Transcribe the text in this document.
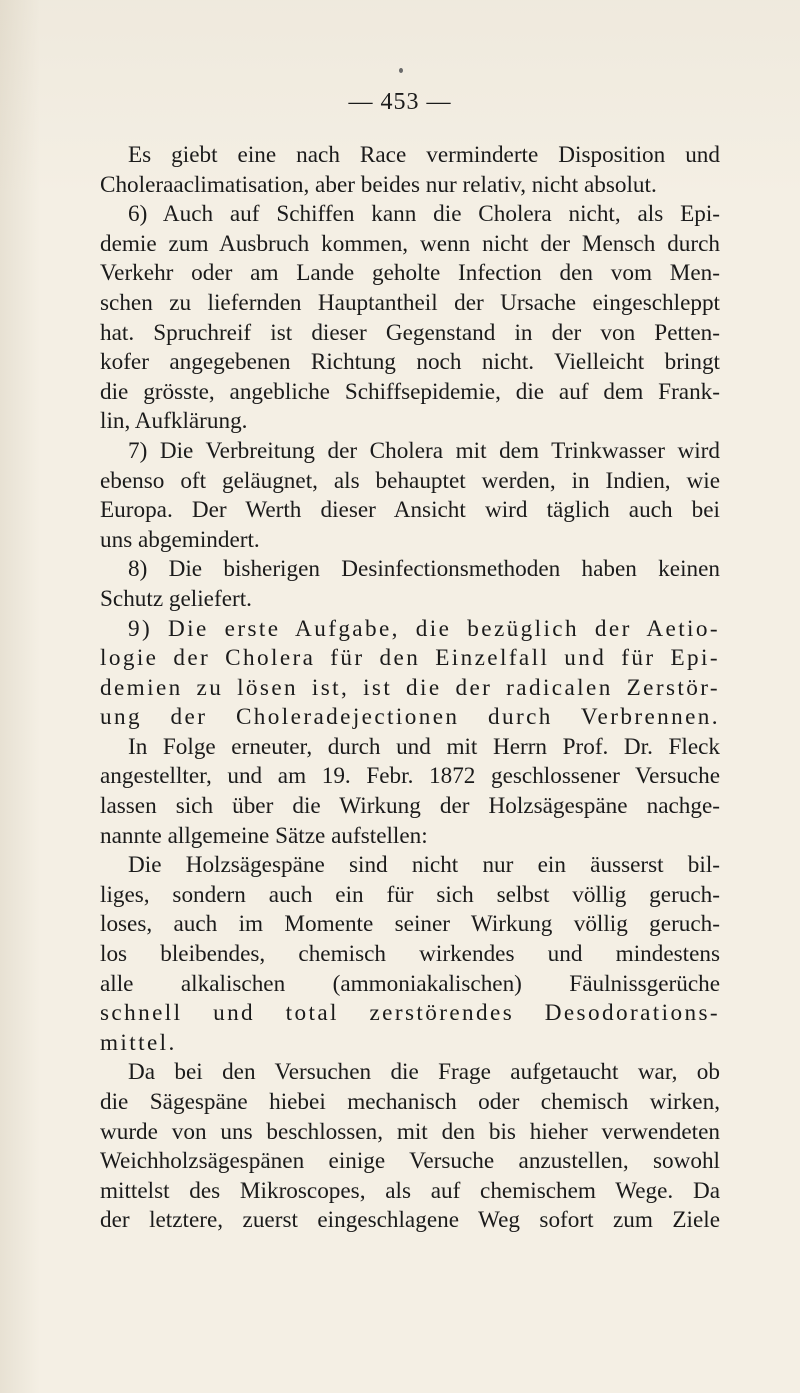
— 453 —
Es giebt eine nach Race verminderte Disposition und
Choleraaclimatisation, aber beides nur relativ, nicht absolut.
6) Auch auf Schiffen kann die Cholera nicht, als Epi-
demie zum Ausbruch kommen, wenn nicht der Mensch durch
Verkehr oder am Lande geholte Infection den vom Men-
schen zu liefernden Hauptantheil der Ursache eingeschleppt
hat. Spruchreif ist dieser Gegenstand in der von Petten-
kofer angegebenen Richtung noch nicht. Vielleicht bringt
die grösste, angebliche Schiffsepidemie, die auf dem Frank-
lin, Aufklärung.
7) Die Verbreitung der Cholera mit dem Trinkwasser wird
ebenso oft geläugnet, als behauptet werden, in Indien, wie
Europa. Der Werth dieser Ansicht wird täglich auch bei
uns abgemindert.
8) Die bisherigen Desinfectionsmethoden haben keinen
Schutz geliefert.
9) Die erste Aufgabe, die bezüglich der Aetio-
logie der Cholera für den Einzelfall und für Epi-
demien zu lösen ist, ist die der radicalen Zerstör-
ung der Choleradejectionen durch Verbrennen.
In Folge erneuter, durch und mit Herrn Prof. Dr. Fleck
angestellter, und am 19. Febr. 1872 geschlossener Versuche
lassen sich über die Wirkung der Holzsägespäne nachge-
nannte allgemeine Sätze aufstellen:
Die Holzsägespäne sind nicht nur ein äusserst bil-
liges, sondern auch ein für sich selbst völlig geruch-
loses, auch im Momente seiner Wirkung völlig geruch-
los bleibendes, chemisch wirkendes und mindestens
alle alkalischen (ammoniakalischen) Fäulnissgerüche
schnell und total zerstörendes Desodorations-
mittel.
Da bei den Versuchen die Frage aufgetaucht war, ob
die Sägespäne hiebei mechanisch oder chemisch wirken,
wurde von uns beschlossen, mit den bis hieher verwendeten
Weichholzsägespänen einige Versuche anzustellen, sowohl
mittelst des Mikroscopes, als auf chemischem Wege. Da
der letztere, zuerst eingeschlagene Weg sofort zum Ziele
